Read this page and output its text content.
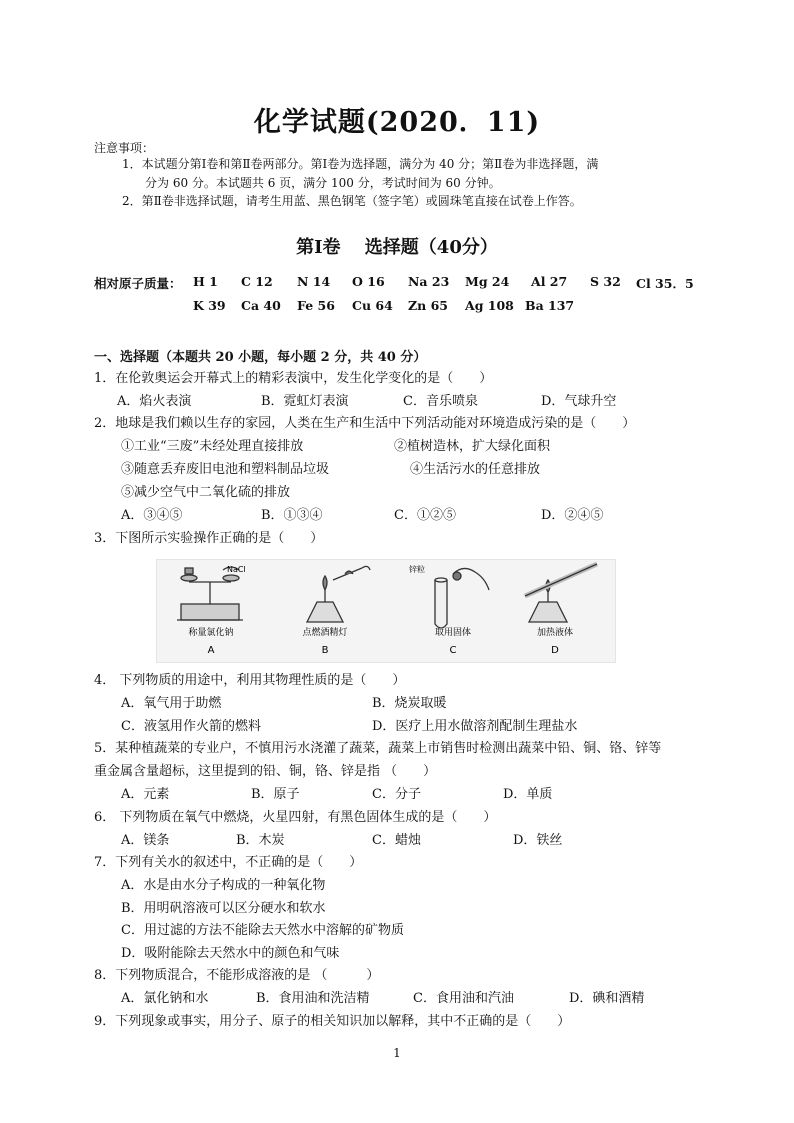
化学试题(2020．11)
注意事项：
1．本试题分第Ⅰ卷和第Ⅱ卷两部分。第Ⅰ卷为选择题，满分为 40 分；第Ⅱ卷为非选择题，满
分为 60 分。本试题共 6 页，满分 100 分，考试时间为 60 分钟。
2．第Ⅱ卷非选择试题，请考生用蓝、黑色钢笔（签字笔）或圆珠笔直接在试卷上作答。
第Ⅰ卷　 选择题（40分）
相对原子质量： H 1 C 12 N 14 O 16 Na 23 Mg 24 Al 27 S 32 Cl 35．5
K 39 Ca 40 Fe 56 Cu 64 Zn 65 Ag 108 Ba 137
一、选择题（本题共 20 小题，每小题 2 分，共 40 分）
1．在伦敦奥运会开幕式上的精彩表演中，发生化学变化的是（　　）
A．焰火表演	B．霓虹灯表演	C．音乐喷泉	D．气球升空
2．地球是我们赖以生存的家园，人类在生产和生活中下列活动能对环境造成污染的是（　　）
①工业“三废”未经处理直接排放	②植树造林，扩大绿化面积
③随意丢弃废旧电池和塑料制品垃圾	④生活污水的任意排放
⑤减少空气中二氧化硫的排放
A．③④⑤	B．①③④	C．①②⑤	D．②④⑤
3．下图所示实验操作正确的是（　　）
NaCl	锌粒
称量氯化钠	点燃酒精灯	取用固体	加热液体
A	B	C	D
4． 下列物质的用途中，利用其物理性质的是（　　）
A．氧气用于助燃	B．烧炭取暖
C．液氢用作火箭的燃料	D．医疗上用水做溶剂配制生理盐水
5．某种植蔬菜的专业户，不慎用污水浇灌了蔬菜，蔬菜上市销售时检测出蔬菜中铅、铜、铬、锌等
重金属含量超标，这里提到的铅、铜，铬、锌是指 （　　）
A．元素	B．原子	C．分子	D．单质
6． 下列物质在氧气中燃烧，火星四射，有黑色固体生成的是（　　）
A．镁条	B．木炭	C．蜡烛	D．铁丝
7．下列有关水的叙述中，不正确的是（　　）
A．水是由水分子构成的一种氧化物
B．用明矾溶液可以区分硬水和软水
C．用过滤的方法不能除去天然水中溶解的矿物质
D．吸附能除去天然水中的颜色和气味
8．下列物质混合，不能形成溶液的是 （　　　）
A．氯化钠和水	B．食用油和洗洁精	C．食用油和汽油	D．碘和酒精
9．下列现象或事实，用分子、原子的相关知识加以解释，其中不正确的是（　　）
1
